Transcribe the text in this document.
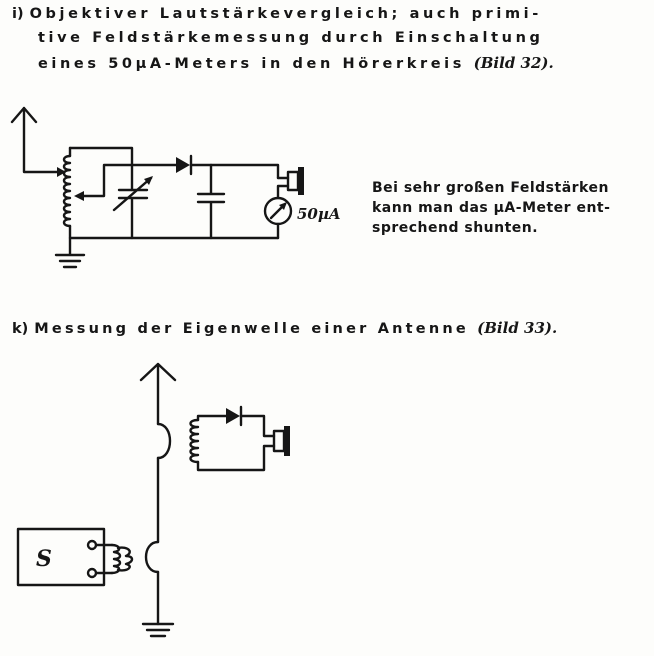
i) Objektiver Lautstärkevergleich; auch primi-
tive Feldstärkemessung durch Einschaltung
eines 50µA-Meters in den Hörerkreis (Bild 32).
Bei sehr großen Feldstärken
kann man das µA-Meter ent-
sprechend shunten.
k) Messung der Eigenwelle einer Antenne (Bild 33).
50µA
S
